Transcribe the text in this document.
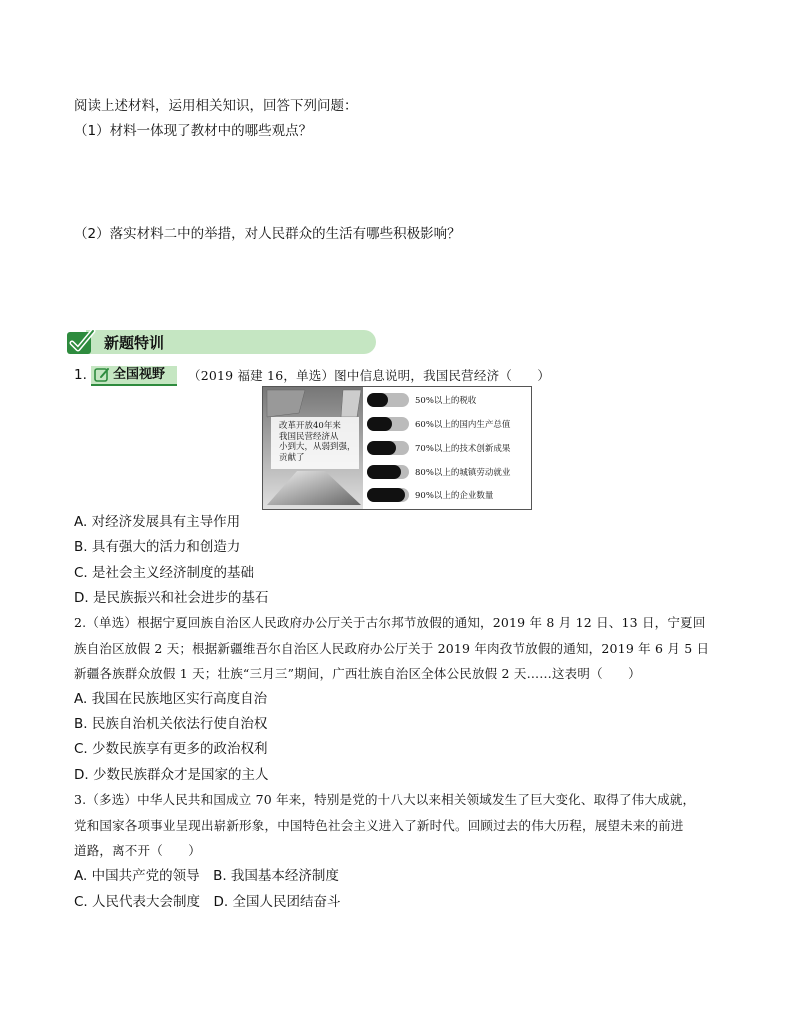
阅读上述材料，运用相关知识，回答下列问题：
（1）材料一体现了教材中的哪些观点？
（2）落实材料二中的举措，对人民群众的生活有哪些积极影响？
新题特训
1. 全国视野 （2019 福建 16，单选）图中信息说明，我国民营经济（　　）
改革开放40年来
我国民营经济从
小到大，从弱到强，
贡献了
50%以上的税收
60%以上的国内生产总值
70%以上的技术创新成果
80%以上的城镇劳动就业
90%以上的企业数量
A. 对经济发展具有主导作用
B. 具有强大的活力和创造力
C. 是社会主义经济制度的基础
D. 是民族振兴和社会进步的基石
2.（单选）根据宁夏回族自治区人民政府办公厅关于古尔邦节放假的通知，2019 年 8 月 12 日、13 日，宁夏回
族自治区放假 2 天；根据新疆维吾尔自治区人民政府办公厅关于 2019 年肉孜节放假的通知，2019 年 6 月 5 日
新疆各族群众放假 1 天；壮族“三月三”期间，广西壮族自治区全体公民放假 2 天……这表明（　　）
A. 我国在民族地区实行高度自治
B. 民族自治机关依法行使自治权
C. 少数民族享有更多的政治权利
D. 少数民族群众才是国家的主人
3.（多选）中华人民共和国成立 70 年来，特别是党的十八大以来相关领域发生了巨大变化、取得了伟大成就，
党和国家各项事业呈现出崭新形象，中国特色社会主义进入了新时代。回顾过去的伟大历程，展望未来的前进
道路，离不开（　　）
A. 中国共产党的领导　B. 我国基本经济制度
C. 人民代表大会制度　D. 全国人民团结奋斗
